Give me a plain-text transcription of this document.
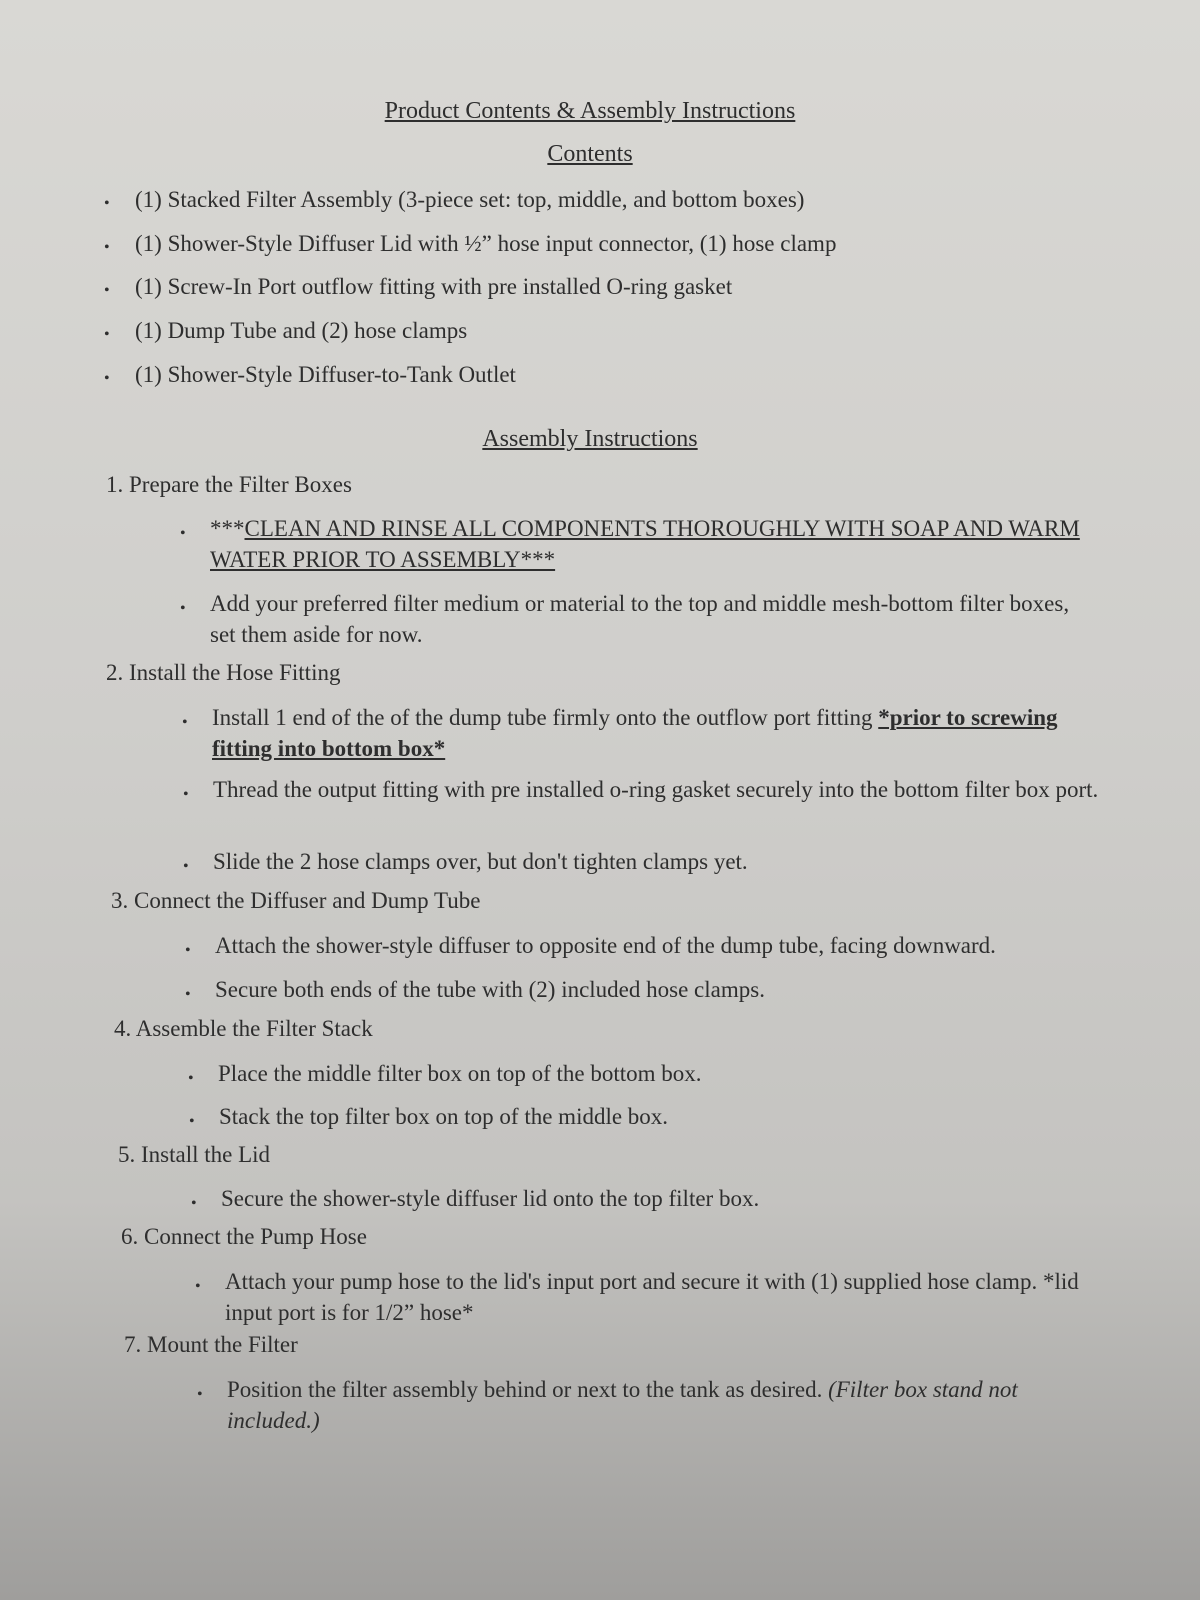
Product Contents & Assembly Instructions
Contents
• (1) Stacked Filter Assembly (3-piece set: top, middle, and bottom boxes)
• (1) Shower-Style Diffuser Lid with ½” hose input connector, (1) hose clamp
• (1) Screw-In Port outflow fitting with pre installed O-ring gasket
• (1) Dump Tube and (2) hose clamps
• (1) Shower-Style Diffuser-to-Tank Outlet
Assembly Instructions
1. Prepare the Filter Boxes
• ***CLEAN AND RINSE ALL COMPONENTS THOROUGHLY WITH SOAP AND WARM WATER PRIOR TO ASSEMBLY***
• Add your preferred filter medium or material to the top and middle mesh-bottom filter boxes, set them aside for now.
2. Install the Hose Fitting
• Install 1 end of the of the dump tube firmly onto the outflow port fitting *prior to screwing fitting into bottom box*
• Thread the output fitting with pre installed o-ring gasket securely into the bottom filter box port.
• Slide the 2 hose clamps over, but don't tighten clamps yet.
3. Connect the Diffuser and Dump Tube
• Attach the shower-style diffuser to opposite end of the dump tube, facing downward.
• Secure both ends of the tube with (2) included hose clamps.
4. Assemble the Filter Stack
• Place the middle filter box on top of the bottom box.
• Stack the top filter box on top of the middle box.
5. Install the Lid
• Secure the shower-style diffuser lid onto the top filter box.
6. Connect the Pump Hose
• Attach your pump hose to the lid's input port and secure it with (1) supplied hose clamp. *lid input port is for 1/2” hose*
7. Mount the Filter
• Position the filter assembly behind or next to the tank as desired. (Filter box stand not included.)
